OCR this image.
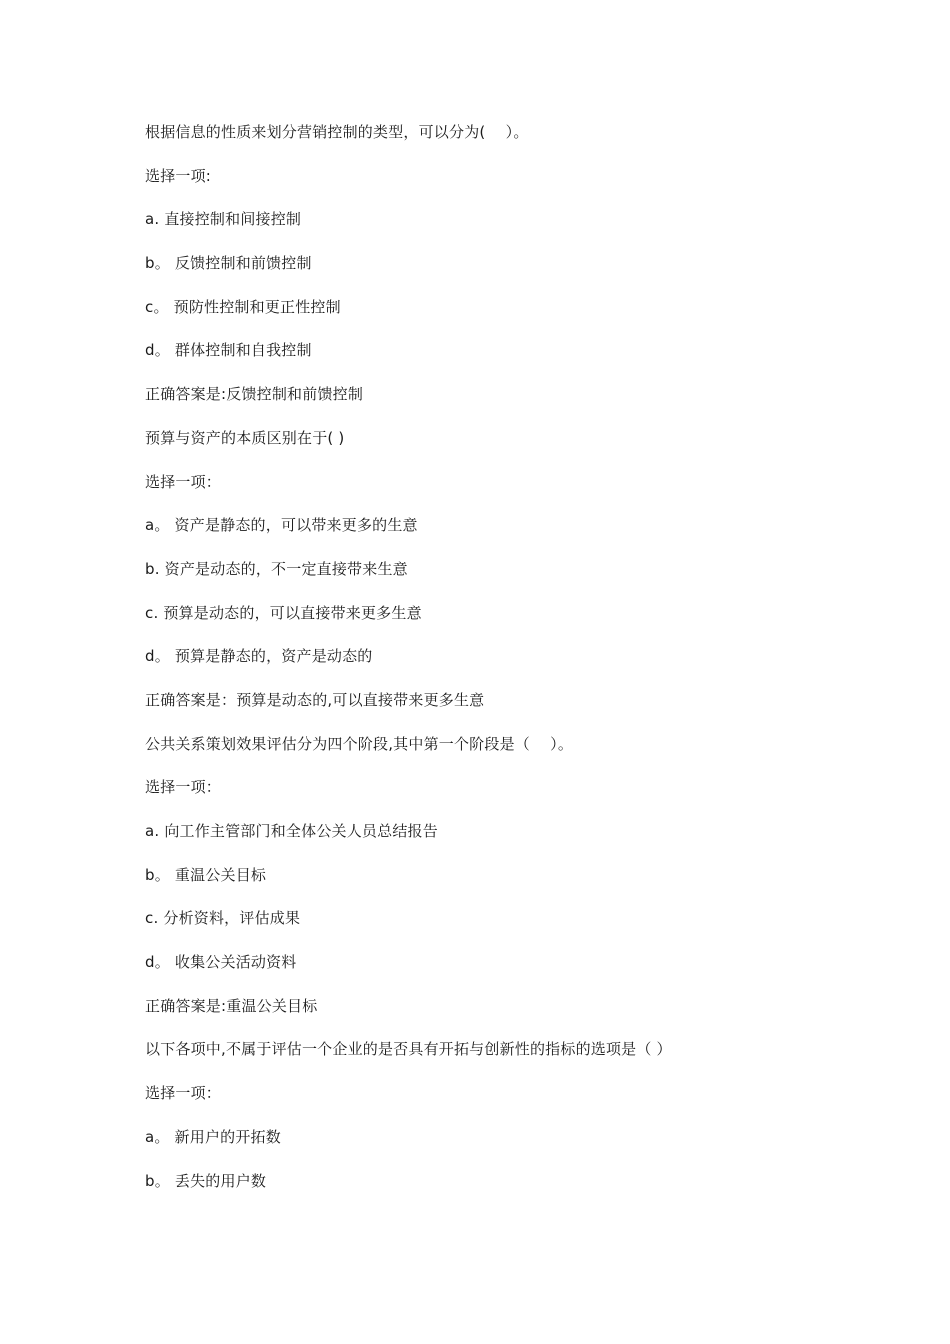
根据信息的性质来划分营销控制的类型，可以分为(　 ）。
选择一项:
a. 直接控制和间接控制
b。 反馈控制和前馈控制
c。 预防性控制和更正性控制
d。 群体控制和自我控制
正确答案是:反馈控制和前馈控制
预算与资产的本质区别在于( )
选择一项：
a。 资产是静态的，可以带来更多的生意
b. 资产是动态的，不一定直接带来生意
c. 预算是动态的，可以直接带来更多生意
d。 预算是静态的，资产是动态的
正确答案是：预算是动态的,可以直接带来更多生意
公共关系策划效果评估分为四个阶段,其中第一个阶段是（　 ）。
选择一项：
a. 向工作主管部门和全体公关人员总结报告
b。 重温公关目标
c. 分析资料，评估成果
d。 收集公关活动资料
正确答案是:重温公关目标
以下各项中,不属于评估一个企业的是否具有开拓与创新性的指标的选项是（ ）
选择一项：
a。 新用户的开拓数
b。 丢失的用户数
